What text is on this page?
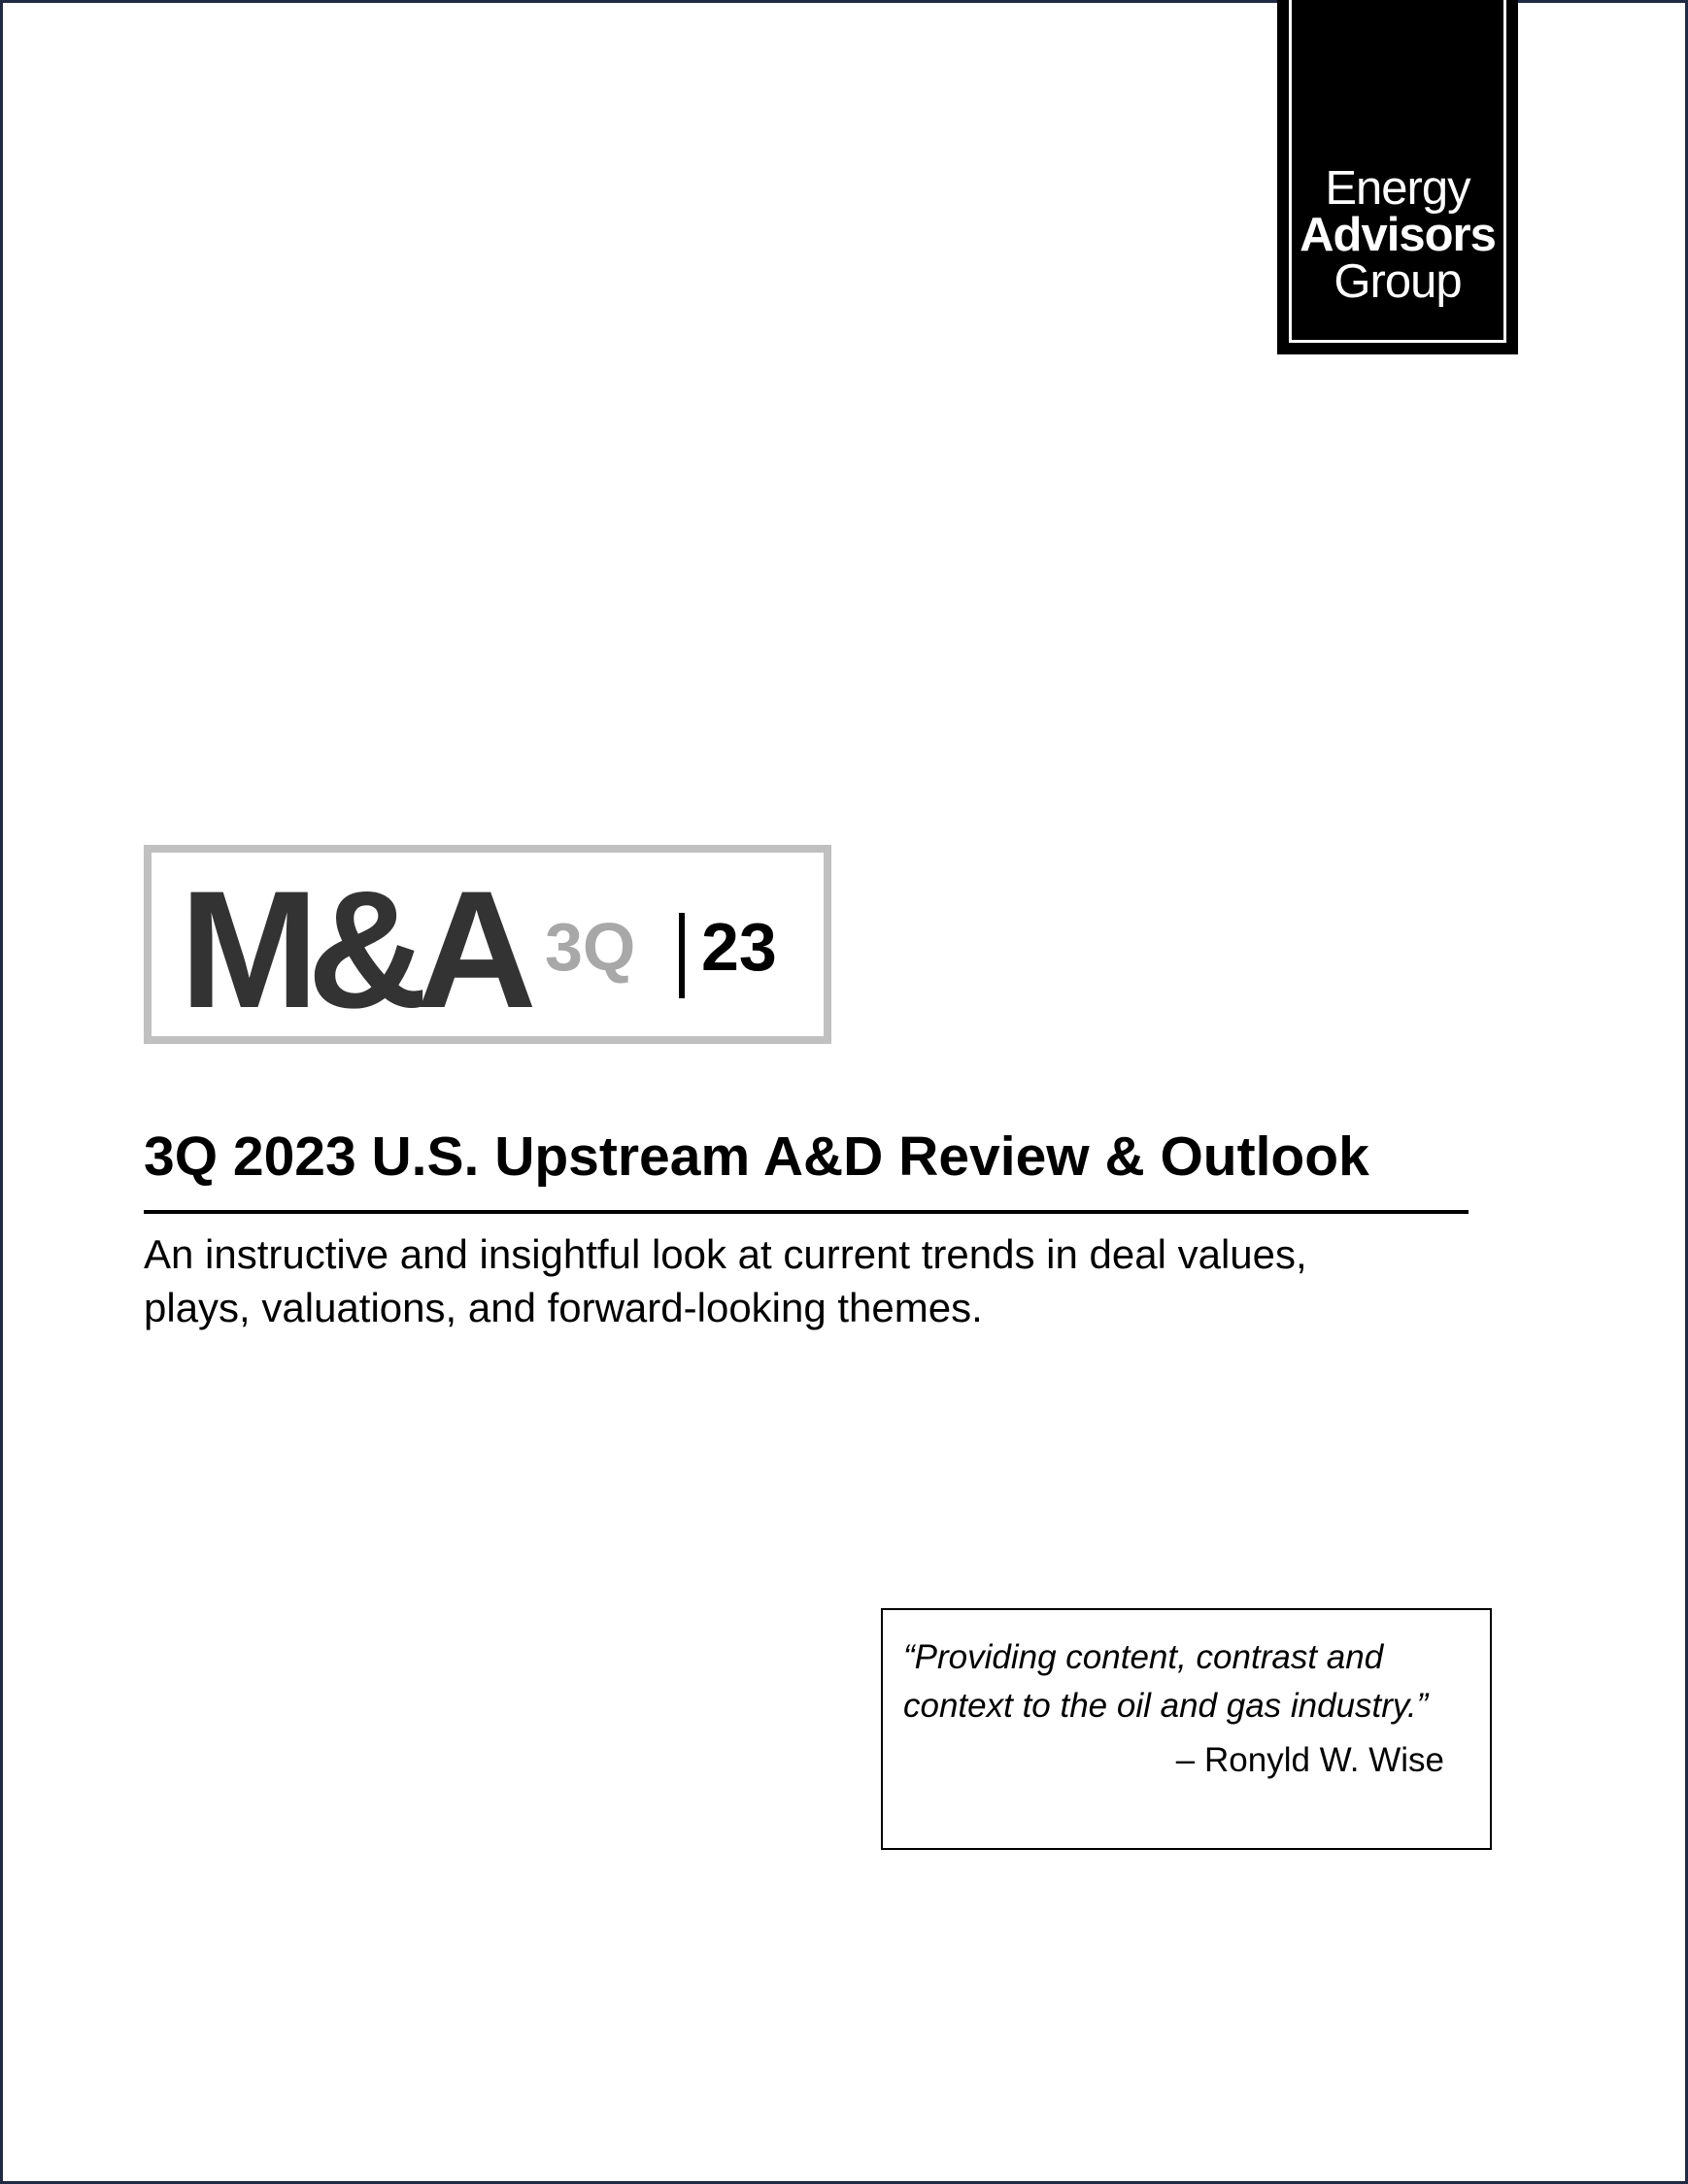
Energy
Advisors
Group
M&A 3Q 23
3Q 2023 U.S. Upstream A&D Review & Outlook
An instructive and insightful look at current trends in deal values,
plays, valuations, and forward-looking themes.
“Providing content, contrast and
context to the oil and gas industry.”
– Ronyld W. Wise
